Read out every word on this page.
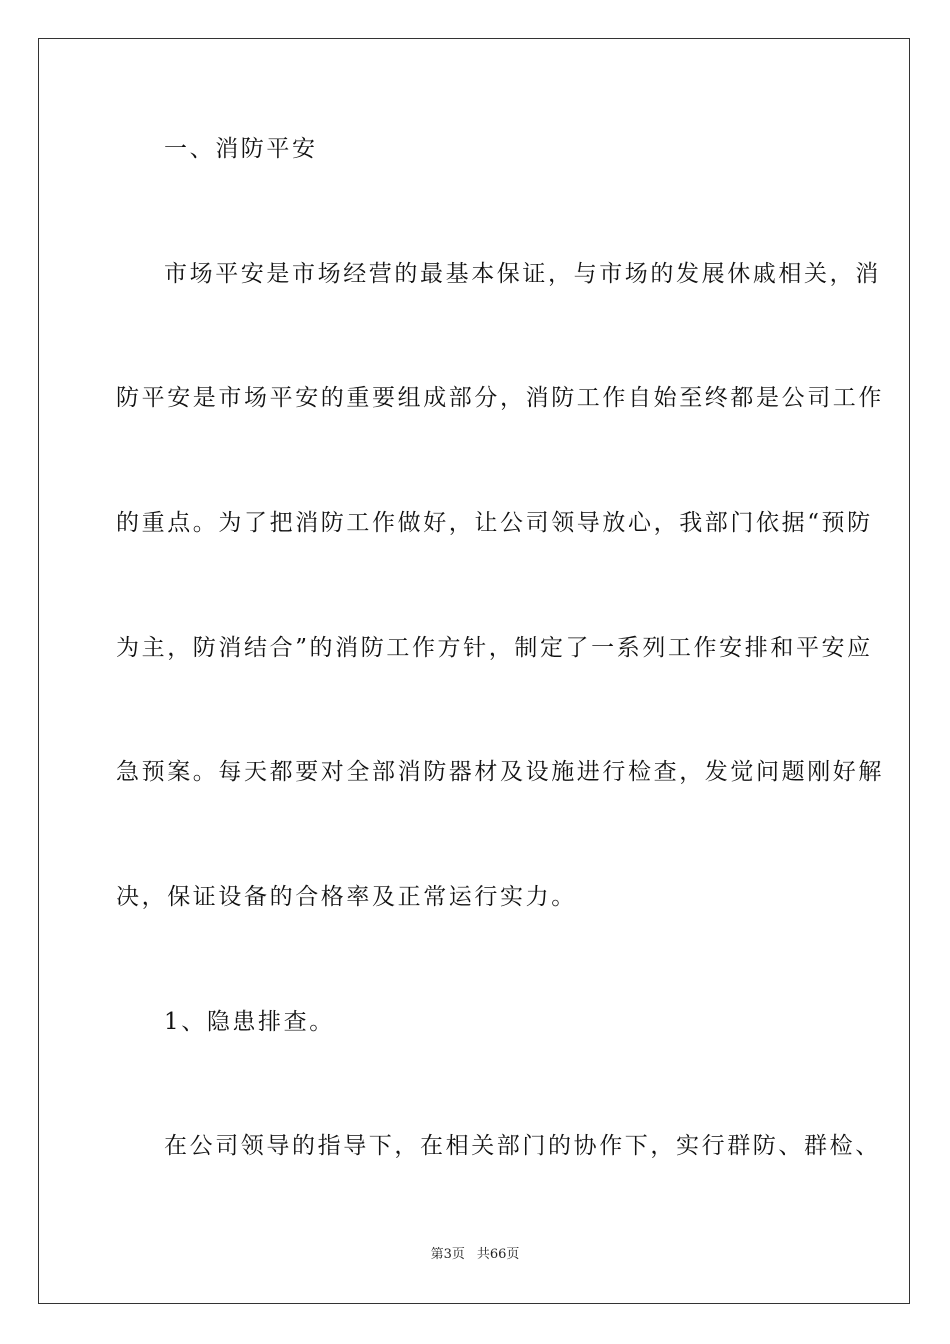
一、消防平安
市场平安是市场经营的最基本保证，与市场的发展休戚相关，消
防平安是市场平安的重要组成部分，消防工作自始至终都是公司工作
的重点。为了把消防工作做好，让公司领导放心，我部门依据“预防
为主，防消结合”的消防工作方针，制定了一系列工作安排和平安应
急预案。每天都要对全部消防器材及设施进行检查，发觉问题刚好解
决，保证设备的合格率及正常运行实力。
1、隐患排查。
在公司领导的指导下，在相关部门的协作下，实行群防、群检、
第3页 共66页
